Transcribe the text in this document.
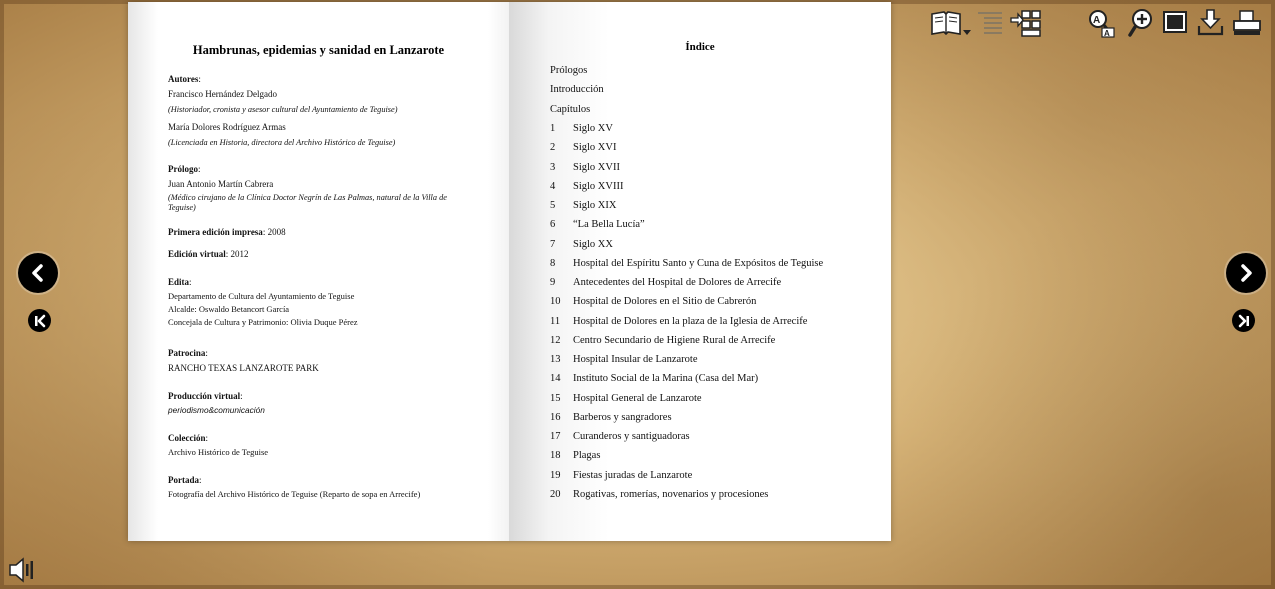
Hambrunas, epidemias y sanidad en Lanzarote
Autores:
Francisco Hernández Delgado
(Historiador, cronista y asesor cultural del Ayuntamiento de Teguise)
María Dolores Rodríguez Armas
(Licenciada en Historia, directora del Archivo Histórico de Teguise)
Prólogo:
Juan Antonio Martín Cabrera
(Médico cirujano de la Clínica Doctor Negrín de Las Palmas, natural de la Villa de Teguise)
Primera edición impresa: 2008
Edición virtual: 2012
Edita:
Departamento de Cultura del Ayuntamiento de Teguise
Alcalde: Oswaldo Betancort García
Concejala de Cultura y Patrimonio: Olivia Duque Pérez
Patrocina:
RANCHO TEXAS LANZAROTE PARK
Producción virtual:
periodismo&comunicación
Colección:
Archivo Histórico de Teguise
Portada:
Fotografía del Archivo Histórico de Teguise (Reparto de sopa en Arrecife)
Índice
Prólogos
Introducción
Capítulos
1 Siglo XV
2 Siglo XVI
3 Siglo XVII
4 Siglo XVIII
5 Siglo XIX
6 “La Bella Lucía”
7 Siglo XX
8 Hospital del Espíritu Santo y Cuna de Expósitos de Teguise
9 Antecedentes del Hospital de Dolores de Arrecife
10 Hospital de Dolores en el Sitio de Cabrerón
11 Hospital de Dolores en la plaza de la Iglesia de Arrecife
12 Centro Secundario de Higiene Rural de Arrecife
13 Hospital Insular de Lanzarote
14 Instituto Social de la Marina (Casa del Mar)
15 Hospital General de Lanzarote
16 Barberos y sangradores
17 Curanderos y santiguadoras
18 Plagas
19 Fiestas juradas de Lanzarote
20 Rogativas, romerías, novenarios y procesiones
A
A
